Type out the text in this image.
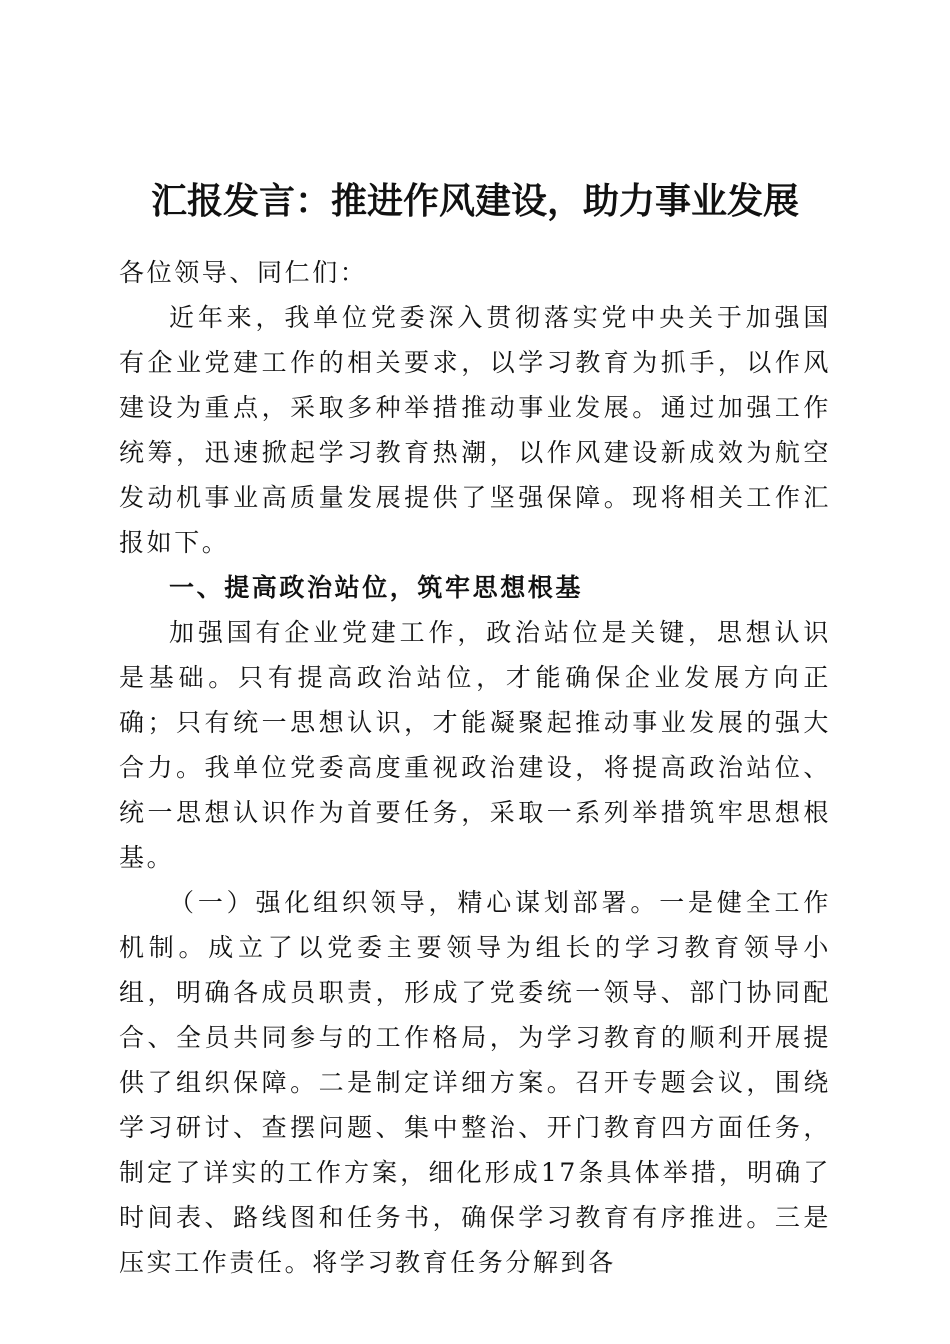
汇报发言：推进作风建设，助力事业发展

各位领导、同仁们：

近年来，我单位党委深入贯彻落实党中央关于加强国有企业党建工作的相关要求，以学习教育为抓手，以作风建设为重点，采取多种举措推动事业发展。通过加强工作统筹，迅速掀起学习教育热潮，以作风建设新成效为航空发动机事业高质量发展提供了坚强保障。现将相关工作汇报如下。

一、提高政治站位，筑牢思想根基

加强国有企业党建工作，政治站位是关键，思想认识是基础。只有提高政治站位，才能确保企业发展方向正确；只有统一思想认识，才能凝聚起推动事业发展的强大合力。我单位党委高度重视政治建设，将提高政治站位、统一思想认识作为首要任务，采取一系列举措筑牢思想根基。

（一）强化组织领导，精心谋划部署。一是健全工作机制。成立了以党委主要领导为组长的学习教育领导小组，明确各成员职责，形成了党委统一领导、部门协同配合、全员共同参与的工作格局，为学习教育的顺利开展提供了组织保障。二是制定详细方案。召开专题会议，围绕学习研讨、查摆问题、集中整治、开门教育四方面任务，制定了详实的工作方案，细化形成17条具体举措，明确了时间表、路线图和任务书，确保学习教育有序推进。三是压实工作责任。将学习教育任务分解到各
